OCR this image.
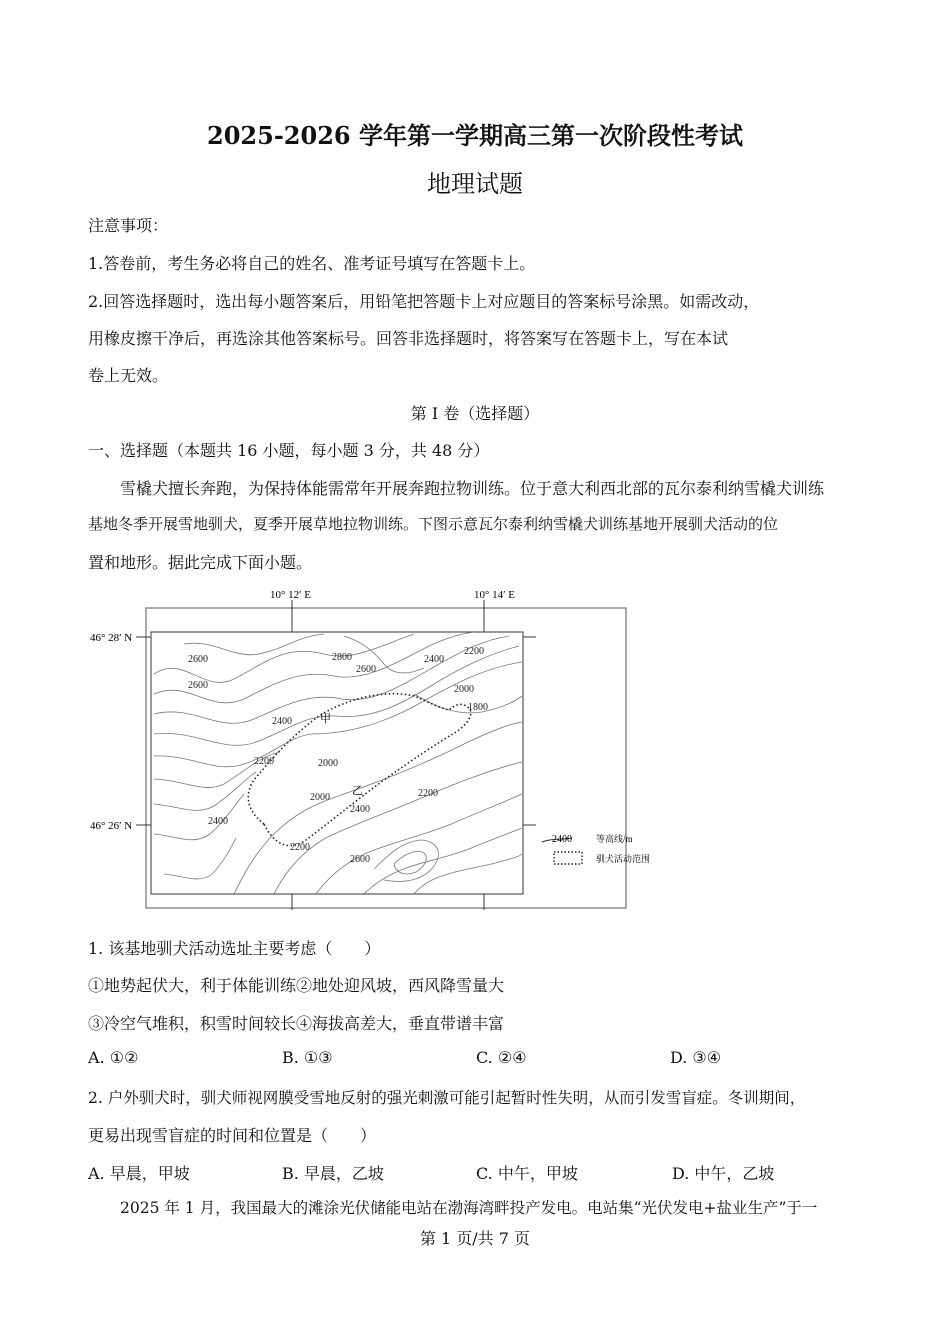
2025-2026 学年第一学期高三第一次阶段性考试
地理试题
注意事项：
1.答卷前，考生务必将自己的姓名、准考证号填写在答题卡上。
2.回答选择题时，选出每小题答案后，用铅笔把答题卡上对应题目的答案标号涂黑。如需改动，
用橡皮擦干净后，再选涂其他答案标号。回答非选择题时，将答案写在答题卡上，写在本试
卷上无效。
第 Ⅰ 卷（选择题）
一、选择题（本题共 16 小题，每小题 3 分，共 48 分）
雪橇犬擅长奔跑，为保持体能需常年开展奔跑拉物训练。位于意大利西北部的瓦尔泰利纳雪橇犬训练
基地冬季开展雪地驯犬，夏季开展草地拉物训练。下图示意瓦尔泰利纳雪橇犬训练基地开展驯犬活动的位
置和地形。据此完成下面小题。
10° 12′ E	10° 14′ E
46° 28′ N
46° 26′ N
2600
2600
2800
2600
2400
2200
2000
1800
2400
2200	2000
2000	2200
2400
2400
2200
2600
甲
乙
2400	等高线/m
驯犬活动范围
1. 该基地驯犬活动选址主要考虑（　　）
①地势起伏大，利于体能训练②地处迎风坡，西风降雪量大
③冷空气堆积，积雪时间较长④海拔高差大，垂直带谱丰富
A. ①②	B. ①③	C. ②④	D. ③④
2. 户外驯犬时，驯犬师视网膜受雪地反射的强光刺激可能引起暂时性失明，从而引发雪盲症。冬训期间，
更易出现雪盲症的时间和位置是（　　）
A. 早晨，甲坡	B. 早晨，乙坡	C. 中午，甲坡	D. 中午，乙坡
2025 年 1 月，我国最大的滩涂光伏储能电站在渤海湾畔投产发电。电站集“光伏发电+盐业生产”于一
第 1 页/共 7 页
